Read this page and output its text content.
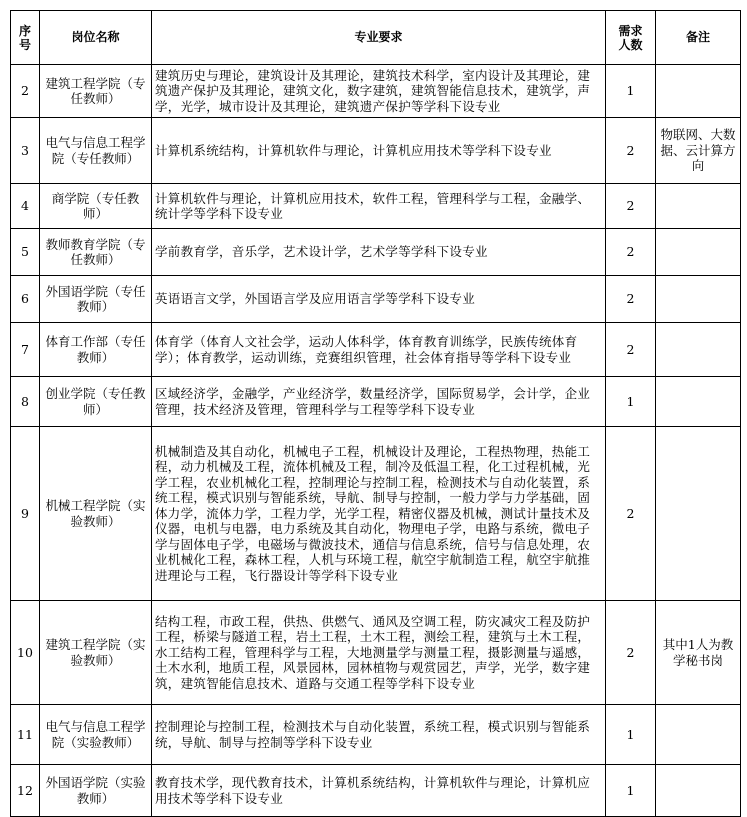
序号	岗位名称	专业要求	需求人数	备注
2	建筑工程学院（专任教师）	建筑历史与理论，建筑设计及其理论，建筑技术科学，室内设计及其理论，建筑遗产保护及其理论，建筑文化，数字建筑，建筑智能信息技术，建筑学，声学，光学，城市设计及其理论，建筑遗产保护等学科下设专业	1	
3	电气与信息工程学院（专任教师）	计算机系统结构，计算机软件与理论，计算机应用技术等学科下设专业	2	物联网、大数据、云计算方向
4	商学院（专任教师）	计算机软件与理论，计算机应用技术，软件工程，管理科学与工程，金融学、统计学等学科下设专业	2	
5	教师教育学院（专任教师）	学前教育学，音乐学，艺术设计学，艺术学等学科下设专业	2	
6	外国语学院（专任教师）	英语语言文学，外国语言学及应用语言学等学科下设专业	2	
7	体育工作部（专任教师）	体育学（体育人文社会学，运动人体科学，体育教育训练学，民族传统体育学）；体育教学，运动训练，竞赛组织管理，社会体育指导等学科下设专业	2	
8	创业学院（专任教师）	区域经济学，金融学，产业经济学，数量经济学，国际贸易学，会计学，企业管理，技术经济及管理，管理科学与工程等学科下设专业	1	
9	机械工程学院（实验教师）	机械制造及其自动化，机械电子工程，机械设计及理论，工程热物理，热能工程，动力机械及工程，流体机械及工程，制冷及低温工程，化工过程机械，光学工程，农业机械化工程，控制理论与控制工程，检测技术与自动化装置，系统工程，模式识别与智能系统，导航、制导与控制，一般力学与力学基础，固体力学，流体力学，工程力学，光学工程，精密仪器及机械，测试计量技术及仪器，电机与电器，电力系统及其自动化，物理电子学，电路与系统，微电子学与固体电子学，电磁场与微波技术，通信与信息系统，信号与信息处理，农业机械化工程，森林工程，人机与环境工程，航空宇航制造工程，航空宇航推进理论与工程，飞行器设计等学科下设专业	2	
10	建筑工程学院（实验教师）	结构工程，市政工程，供热、供燃气、通风及空调工程，防灾减灾工程及防护工程，桥梁与隧道工程，岩土工程，土木工程，测绘工程，建筑与土木工程，水工结构工程，管理科学与工程，大地测量学与测量工程，摄影测量与遥感，土木水利，地质工程，风景园林，园林植物与观赏园艺，声学，光学，数字建筑，建筑智能信息技术、道路与交通工程等学科下设专业	2	其中1人为教学秘书岗
11	电气与信息工程学院（实验教师）	控制理论与控制工程，检测技术与自动化装置，系统工程，模式识别与智能系统，导航、制导与控制等学科下设专业	1	
12	外国语学院（实验教师）	教育技术学，现代教育技术，计算机系统结构，计算机软件与理论，计算机应用技术等学科下设专业	1	
